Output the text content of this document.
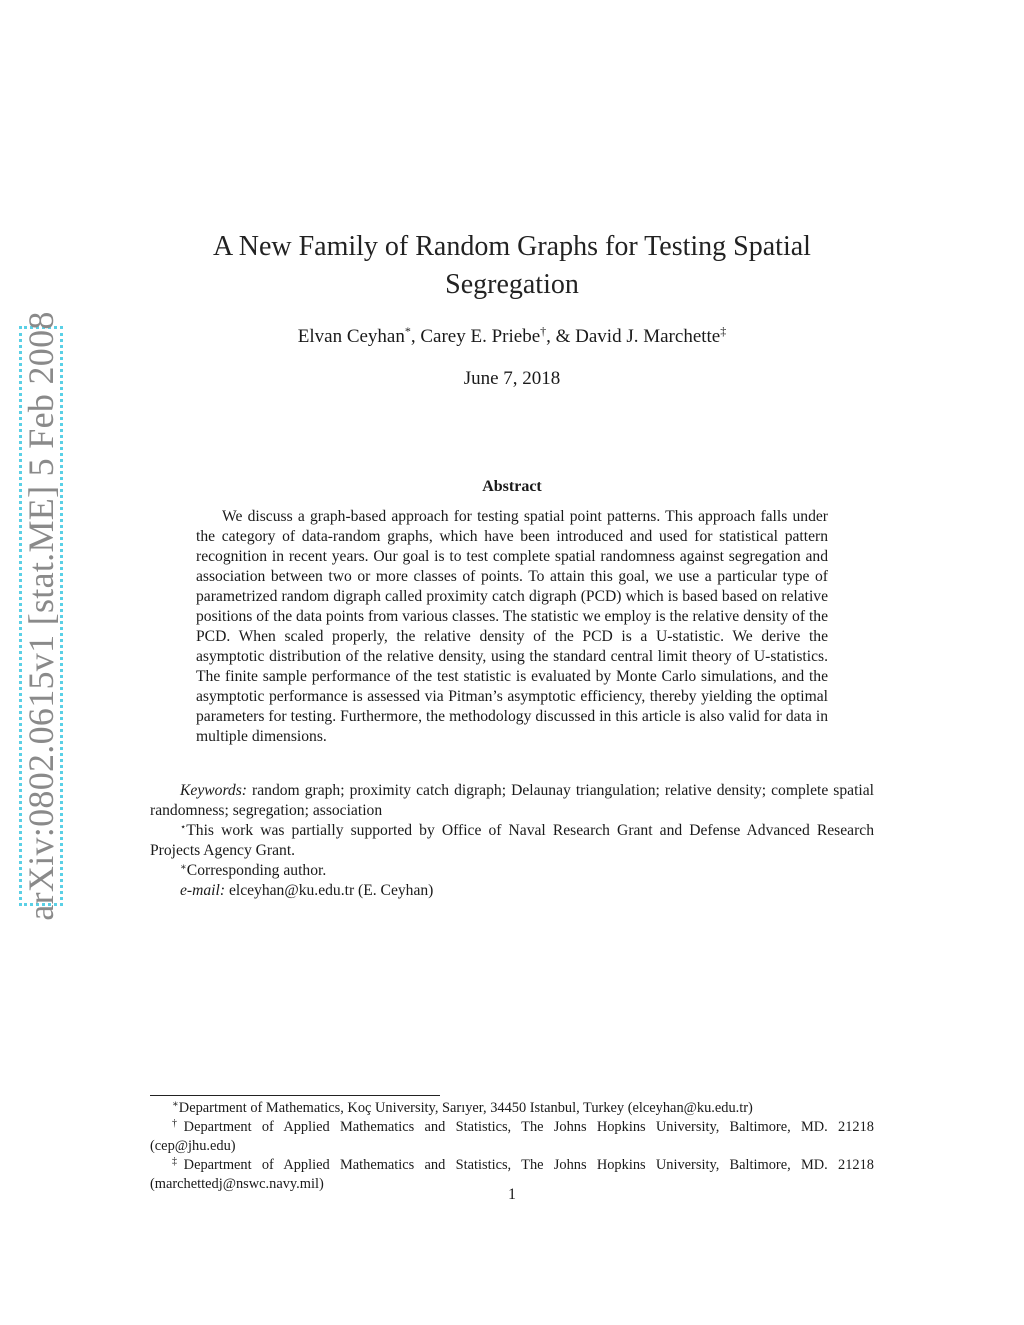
arXiv:0802.0615v1 [stat.ME] 5 Feb 2008
A New Family of Random Graphs for Testing Spatial
Segregation
Elvan Ceyhan*, Carey E. Priebe†, & David J. Marchette‡
June 7, 2018
Abstract

We discuss a graph-based approach for testing spatial point patterns. This approach falls under the category of data-random graphs, which have been introduced and used for statistical pattern recognition in recent years. Our goal is to test complete spatial randomness against segregation and association between two or more classes of points. To attain this goal, we use a particular type of parametrized random digraph called proximity catch digraph (PCD) which is based based on relative positions of the data points from various classes. The statistic we employ is the relative density of the PCD. When scaled properly, the relative density of the PCD is a U-statistic. We derive the asymptotic distribution of the relative density, using the standard central limit theory of U-statistics. The finite sample performance of the test statistic is evaluated by Monte Carlo simulations, and the asymptotic performance is assessed via Pitman’s asymptotic efficiency, thereby yielding the optimal parameters for testing. Furthermore, the methodology discussed in this article is also valid for data in multiple dimensions.

Keywords: random graph; proximity catch digraph; Delaunay triangulation; relative density; complete spatial randomness; segregation; association

⋆This work was partially supported by Office of Naval Research Grant and Defense Advanced Research Projects Agency Grant.

∗Corresponding author.

e-mail: elceyhan@ku.edu.tr (E. Ceyhan)

∗Department of Mathematics, Koç University, Sarıyer, 34450 Istanbul, Turkey (elceyhan@ku.edu.tr)

†Department of Applied Mathematics and Statistics, The Johns Hopkins University, Baltimore, MD. 21218 (cep@jhu.edu)

‡Department of Applied Mathematics and Statistics, The Johns Hopkins University, Baltimore, MD. 21218 (marchettedj@nswc.navy.mil)

1
